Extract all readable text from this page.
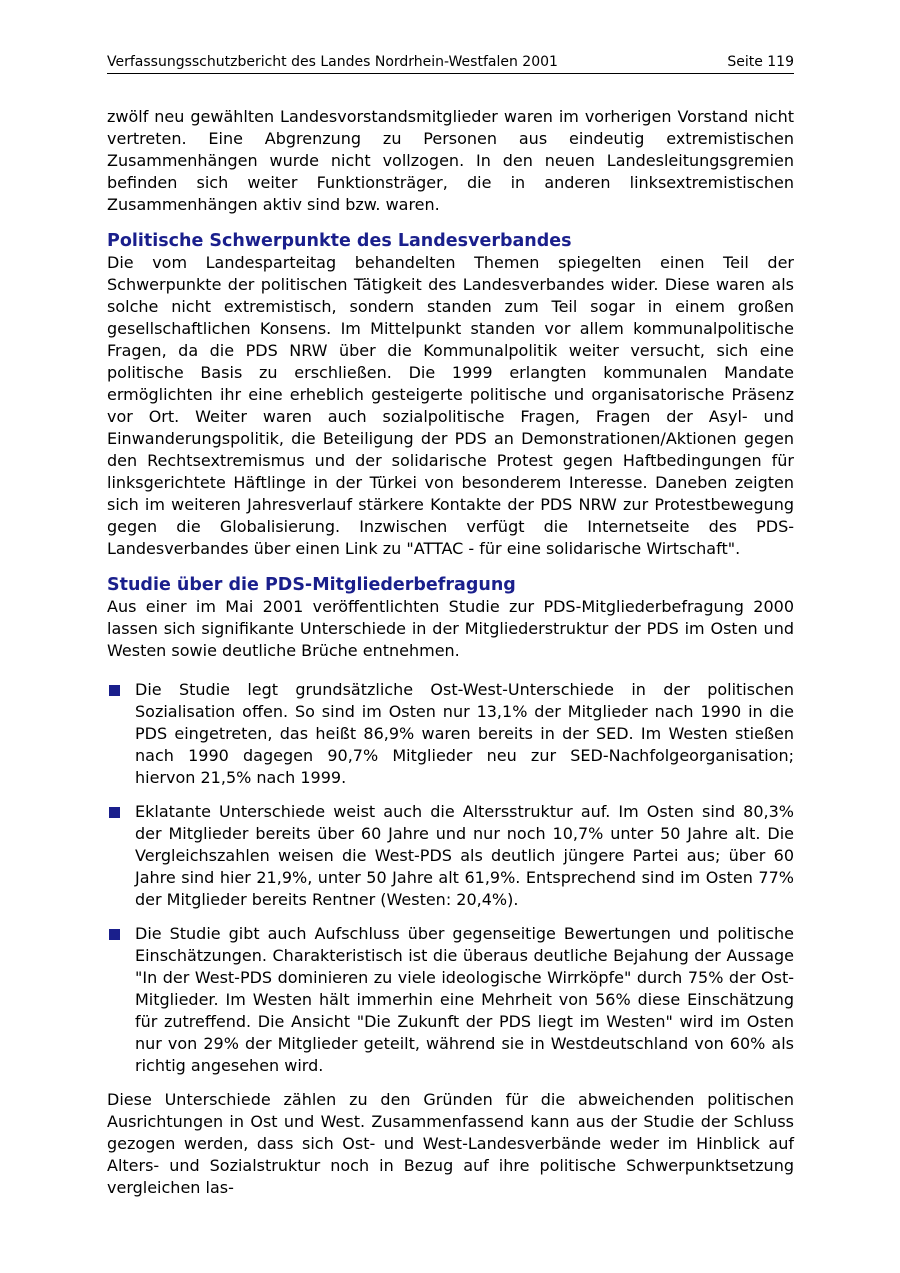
Verfassungsschutzbericht des Landes Nordrhein-Westfalen 2001	Seite 119

zwölf neu gewählten Landesvorstandsmitglieder waren im vorherigen Vorstand nicht vertreten. Eine Abgrenzung zu Personen aus eindeutig extremistischen Zusammenhängen wurde nicht vollzogen. In den neuen Landesleitungsgremien befinden sich weiter Funktionsträger, die in anderen linksextremistischen Zusammenhängen aktiv sind bzw. waren.

Politische Schwerpunkte des Landesverbandes

Die vom Landesparteitag behandelten Themen spiegelten einen Teil der Schwerpunkte der politischen Tätigkeit des Landesverbandes wider. Diese waren als solche nicht extremistisch, sondern standen zum Teil sogar in einem großen gesellschaftlichen Konsens. Im Mittelpunkt standen vor allem kommunalpolitische Fragen, da die PDS NRW über die Kommunalpolitik weiter versucht, sich eine politische Basis zu erschließen. Die 1999 erlangten kommunalen Mandate ermöglichten ihr eine erheblich gesteigerte politische und organisatorische Präsenz vor Ort. Weiter waren auch sozialpolitische Fragen, Fragen der Asyl- und Einwanderungspolitik, die Beteiligung der PDS an Demonstrationen/Aktionen gegen den Rechtsextremismus und der solidarische Protest gegen Haftbedingungen für linksgerichtete Häftlinge in der Türkei von besonderem Interesse. Daneben zeigten sich im weiteren Jahresverlauf stärkere Kontakte der PDS NRW zur Protestbewegung gegen die Globalisierung. Inzwischen verfügt die Internetseite des PDS-Landesverbandes über einen Link zu "ATTAC - für eine solidarische Wirtschaft".

Studie über die PDS-Mitgliederbefragung

Aus einer im Mai 2001 veröffentlichten Studie zur PDS-Mitgliederbefragung 2000 lassen sich signifikante Unterschiede in der Mitgliederstruktur der PDS im Osten und Westen sowie deutliche Brüche entnehmen.

Die Studie legt grundsätzliche Ost-West-Unterschiede in der politischen Sozialisation offen. So sind im Osten nur 13,1% der Mitglieder nach 1990 in die PDS eingetreten, das heißt 86,9% waren bereits in der SED. Im Westen stießen nach 1990 dagegen 90,7% Mitglieder neu zur SED-Nachfolgeorganisation; hiervon 21,5% nach 1999.

Eklatante Unterschiede weist auch die Altersstruktur auf. Im Osten sind 80,3% der Mitglieder bereits über 60 Jahre und nur noch 10,7% unter 50 Jahre alt. Die Vergleichszahlen weisen die West-PDS als deutlich jüngere Partei aus; über 60 Jahre sind hier 21,9%, unter 50 Jahre alt 61,9%. Entsprechend sind im Osten 77% der Mitglieder bereits Rentner (Westen: 20,4%).

Die Studie gibt auch Aufschluss über gegenseitige Bewertungen und politische Einschätzungen. Charakteristisch ist die überaus deutliche Bejahung der Aussage "In der West-PDS dominieren zu viele ideologische Wirrköpfe" durch 75% der Ost-Mitglieder. Im Westen hält immerhin eine Mehrheit von 56% diese Einschätzung für zutreffend. Die Ansicht "Die Zukunft der PDS liegt im Westen" wird im Osten nur von 29% der Mitglieder geteilt, während sie in Westdeutschland von 60% als richtig angesehen wird.

Diese Unterschiede zählen zu den Gründen für die abweichenden politischen Ausrichtungen in Ost und West. Zusammenfassend kann aus der Studie der Schluss gezogen werden, dass sich Ost- und West-Landesverbände weder im Hinblick auf Alters- und Sozialstruktur noch in Bezug auf ihre politische Schwerpunktsetzung vergleichen las-
